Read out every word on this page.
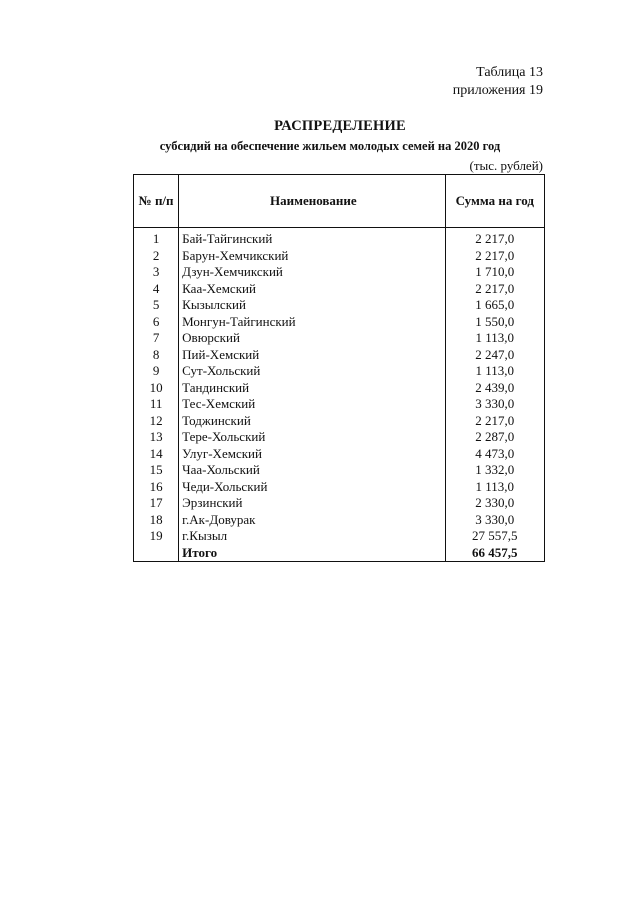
Таблица 13
приложения 19
РАСПРЕДЕЛЕНИЕ
субсидий на обеспечение жильем молодых семей на 2020 год
(тыс. рублей)
№ п/п	Наименование	Сумма на год
1	Бай-Тайгинский	2 217,0
2	Барун-Хемчикский	2 217,0
3	Дзун-Хемчикский	1 710,0
4	Каа-Хемский	2 217,0
5	Кызылский	1 665,0
6	Монгун-Тайгинский	1 550,0
7	Овюрский	1 113,0
8	Пий-Хемский	2 247,0
9	Сут-Хольский	1 113,0
10	Тандинский	2 439,0
11	Тес-Хемский	3 330,0
12	Тоджинский	2 217,0
13	Тере-Хольский	2 287,0
14	Улуг-Хемский	4 473,0
15	Чаа-Хольский	1 332,0
16	Чеди-Хольский	1 113,0
17	Эрзинский	2 330,0
18	г.Ак-Довурак	3 330,0
19	г.Кызыл	27 557,5
	Итого	66 457,5
